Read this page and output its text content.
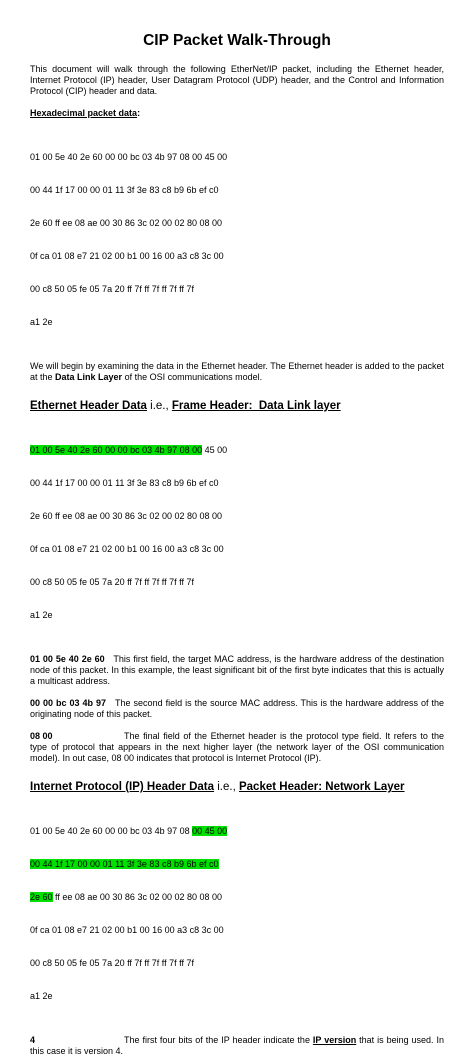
CIP Packet Walk-Through
This document will walk through the following EtherNet/IP packet, including the Ethernet header, Internet Protocol (IP) header, User Datagram Protocol (UDP) header, and the Control and Information Protocol (CIP) header and data.
Hexadecimal packet data:

01 00 5e 40 2e 60 00 00 bc 03 4b 97 08 00 45 00

00 44 1f 17 00 00 01 11 3f 3e 83 c8 b9 6b ef c0

2e 60 ff ee 08 ae 00 30 86 3c 02 00 02 80 08 00

0f ca 01 08 e7 21 02 00 b1 00 16 00 a3 c8 3c 00

00 c8 50 05 fe 05 7a 20 ff 7f ff 7f ff 7f ff 7f

a1 2e

We will begin by examining the data in the Ethernet header. The Ethernet header is added to the packet at the Data Link Layer of the OSI communications model.
Ethernet Header Data i.e., Frame Header:  Data Link layer

01 00 5e 40 2e 60 00 00 bc 03 4b 97 08 00 45 00

00 44 1f 17 00 00 01 11 3f 3e 83 c8 b9 6b ef c0

2e 60 ff ee 08 ae 00 30 86 3c 02 00 02 80 08 00

0f ca 01 08 e7 21 02 00 b1 00 16 00 a3 c8 3c 00

00 c8 50 05 fe 05 7a 20 ff 7f ff 7f ff 7f ff 7f

a1 2e

01 00 5e 40 2e 60 This first field, the target MAC address, is the hardware address of the destination node of this packet. In this example, the least significant bit of the first byte indicates that this is actually a multicast address.
00 00 bc 03 4b 97 The second field is the source MAC address. This is the hardware address of the originating node of this packet.
08 00	The final field of the Ethernet header is the protocol type field. It refers to the type of protocol that appears in the next higher layer (the network layer of the OSI communication model). In out case, 08 00 indicates that protocol is Internet Protocol (IP).
Internet Protocol (IP) Header Data i.e., Packet Header: Network Layer

01 00 5e 40 2e 60 00 00 bc 03 4b 97 08 00 45 00

00 44 1f 17 00 00 01 11 3f 3e 83 c8 b9 6b ef c0

2e 60 ff ee 08 ae 00 30 86 3c 02 00 02 80 08 00

0f ca 01 08 e7 21 02 00 b1 00 16 00 a3 c8 3c 00

00 c8 50 05 fe 05 7a 20 ff 7f ff 7f ff 7f ff 7f

a1 2e

4	The first four bits of the IP header indicate the IP version that is being used. In this case it is version 4.
